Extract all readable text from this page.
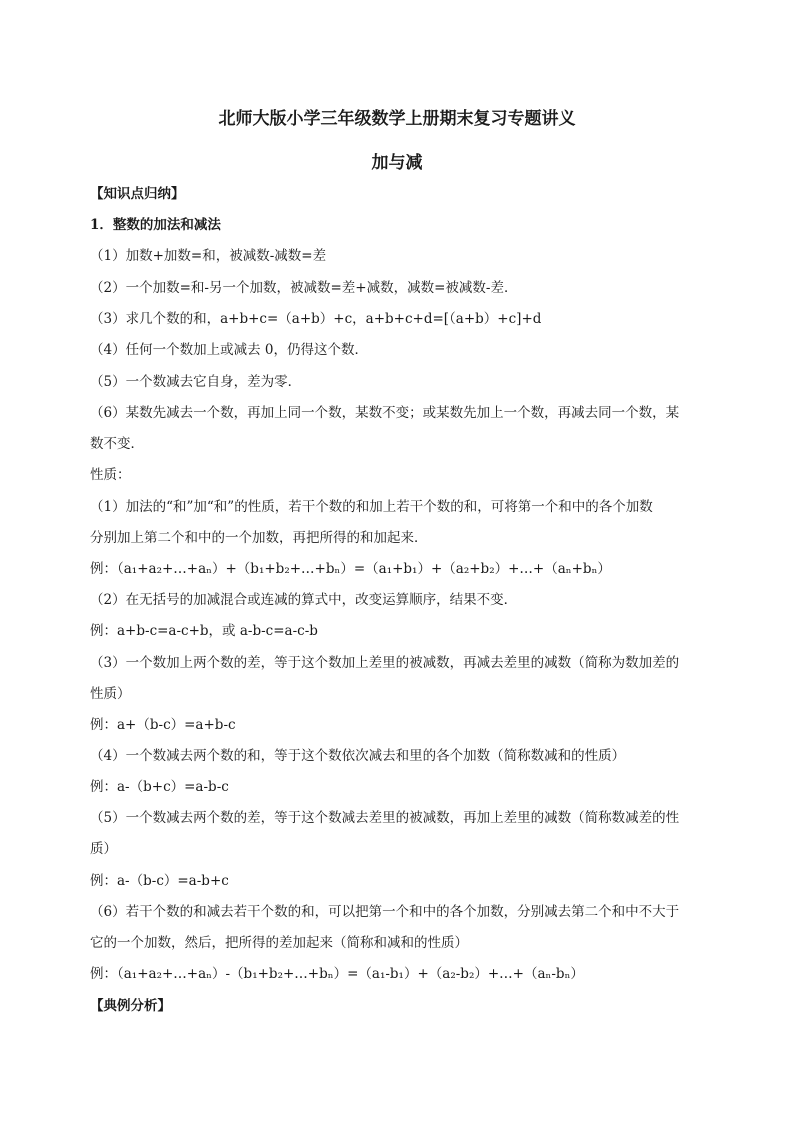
北师大版小学三年级数学上册期末复习专题讲义
加与减
【知识点归纳】
1．整数的加法和减法
（1）加数+加数=和，被减数-减数=差
（2）一个加数=和-另一个加数，被减数=差+减数，减数=被减数-差．
（3）求几个数的和，a+b+c=（a+b）+c，a+b+c+d=[（a+b）+c]+d
（4）任何一个数加上或减去 0，仍得这个数．
（5）一个数减去它自身，差为零．
（6）某数先减去一个数，再加上同一个数，某数不变；或某数先加上一个数，再减去同一个数，某
数不变．
性质：
（1）加法的“和”加“和”的性质，若干个数的和加上若干个数的和，可将第一个和中的各个加数
分别加上第二个和中的一个加数，再把所得的和加起来．
例：（a₁+a₂+…+aₙ）+（b₁+b₂+…+bₙ）=（a₁+b₁）+（a₂+b₂）+…+（aₙ+bₙ）
（2）在无括号的加减混合或连减的算式中，改变运算顺序，结果不变．
例：a+b-c=a-c+b，或 a-b-c=a-c-b
（3）一个数加上两个数的差，等于这个数加上差里的被减数，再减去差里的减数（简称为数加差的
性质）
例：a+（b-c）=a+b-c
（4）一个数减去两个数的和，等于这个数依次减去和里的各个加数（简称数减和的性质）
例：a-（b+c）=a-b-c
（5）一个数减去两个数的差，等于这个数减去差里的被减数，再加上差里的减数（简称数减差的性
质）
例：a-（b-c）=a-b+c
（6）若干个数的和减去若干个数的和，可以把第一个和中的各个加数，分别减去第二个和中不大于
它的一个加数，然后，把所得的差加起来（简称和减和的性质）
例：（a₁+a₂+…+aₙ）-（b₁+b₂+…+bₙ）=（a₁-b₁）+（a₂-b₂）+…+（aₙ-bₙ）
【典例分析】
